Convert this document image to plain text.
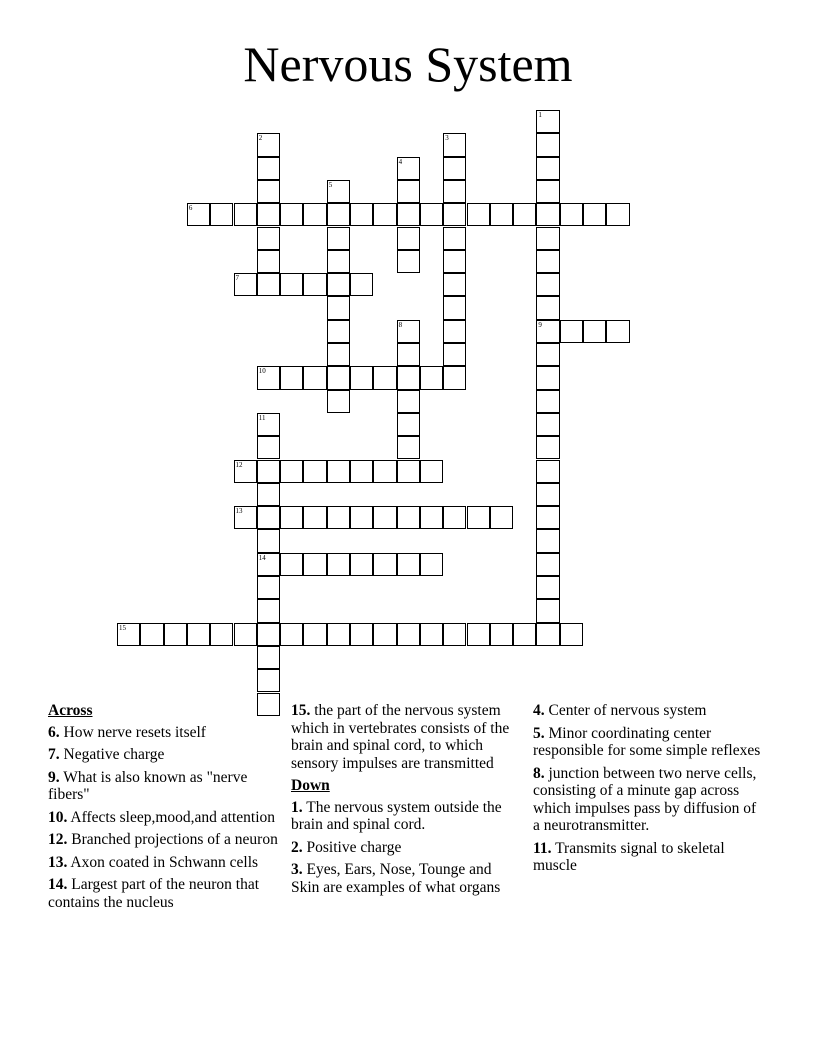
Nervous System
6
7
9
10
12
13
14
15
1
2	3
4
5
8
11
Across
6. How nerve resets itself
7. Negative charge
9. What is also known as "nerve fibers"
10. Affects sleep,mood,and attention
12. Branched projections of a neuron
13. Axon coated in Schwann cells
14. Largest part of the neuron that contains the nucleus
15. the part of the nervous system which in vertebrates consists of the brain and spinal cord, to which sensory impulses are transmitted
Down
1. The nervous system outside the brain and spinal cord.
2. Positive charge
3. Eyes, Ears, Nose, Tounge and Skin are examples of what organs
4. Center of nervous system
5. Minor coordinating center responsible for some simple reflexes
8. junction between two nerve cells, consisting of a minute gap across which impulses pass by diffusion of a neurotransmitter.
11. Transmits signal to skeletal muscle
